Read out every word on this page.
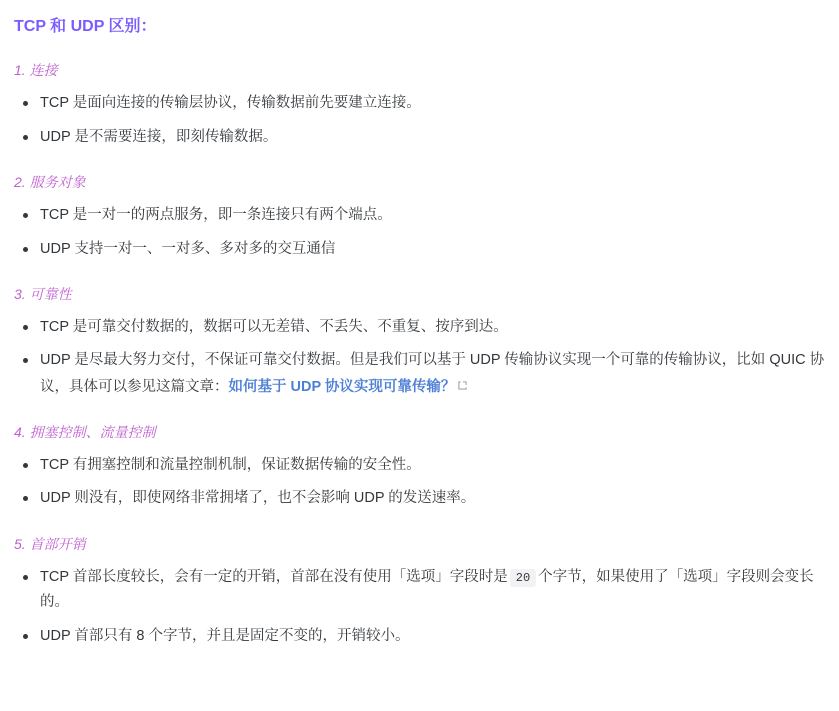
TCP 和 UDP 区别：
1. 连接
TCP 是面向连接的传输层协议，传输数据前先要建立连接。
UDP 是不需要连接，即刻传输数据。
2. 服务对象
TCP 是一对一的两点服务，即一条连接只有两个端点。
UDP 支持一对一、一对多、多对多的交互通信
3. 可靠性
TCP 是可靠交付数据的，数据可以无差错、不丢失、不重复、按序到达。
UDP 是尽最大努力交付，不保证可靠交付数据。但是我们可以基于 UDP 传输协议实现一个可靠的传输协议，比如 QUIC 协议，具体可以参见这篇文章：如何基于 UDP 协议实现可靠传输？
4. 拥塞控制、流量控制
TCP 有拥塞控制和流量控制机制，保证数据传输的安全性。
UDP 则没有，即使网络非常拥堵了，也不会影响 UDP 的发送速率。
5. 首部开销
TCP 首部长度较长，会有一定的开销，首部在没有使用「选项」字段时是 20 个字节，如果使用了「选项」字段则会变长的。
UDP 首部只有 8 个字节，并且是固定不变的，开销较小。
